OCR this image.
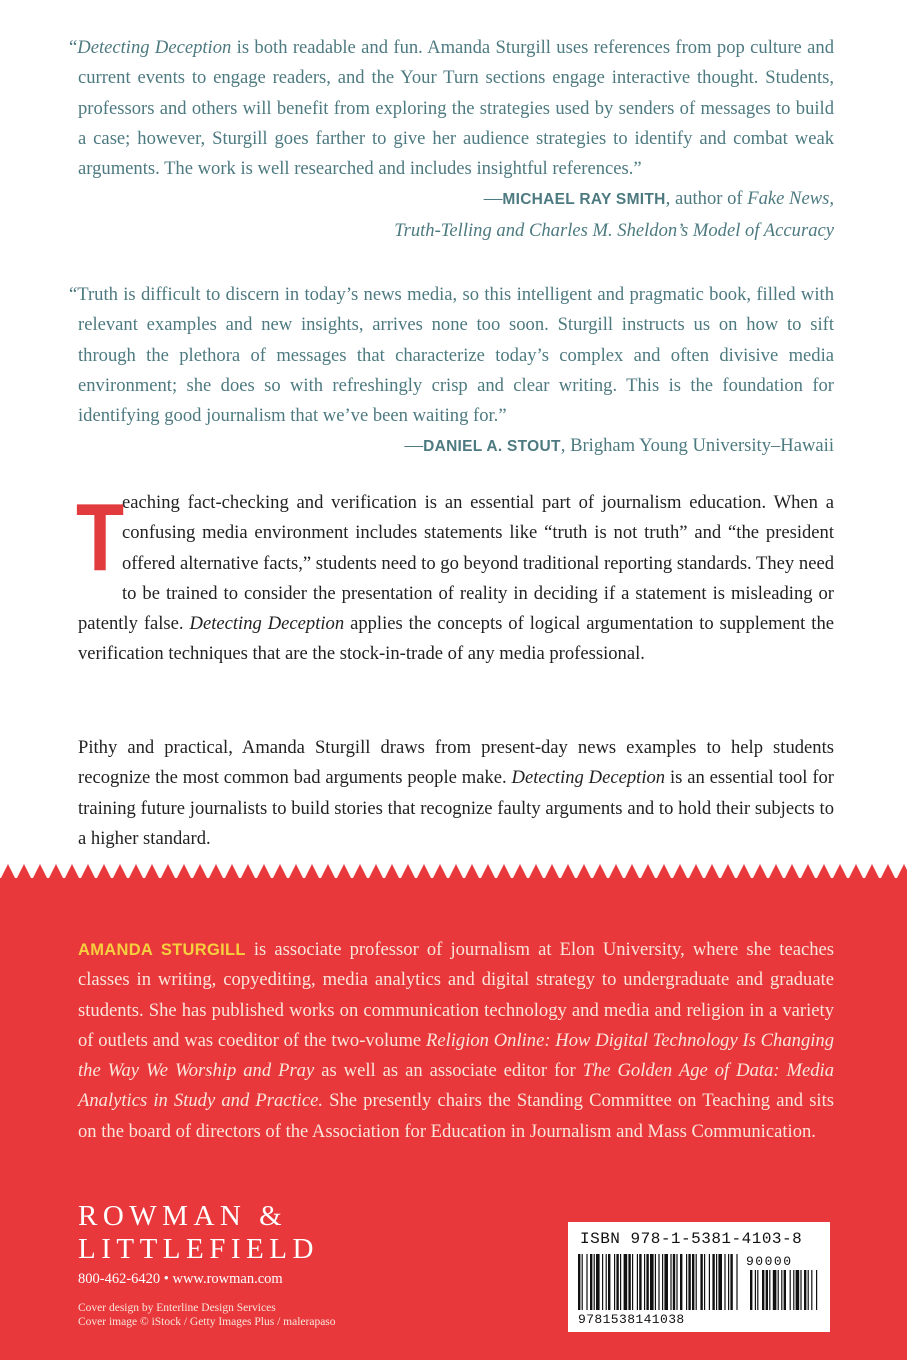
“Detecting Deception is both readable and fun. Amanda Sturgill uses references from pop culture and current events to engage readers, and the Your Turn sections engage interactive thought. Students, professors and others will benefit from exploring the strategies used by senders of messages to build a case; however, Sturgill goes farther to give her audience strategies to identify and combat weak arguments. The work is well researched and includes insightful references.”
—MICHAEL RAY SMITH, author of Fake News,
Truth-Telling and Charles M. Sheldon’s Model of Accuracy
“Truth is difficult to discern in today’s news media, so this intelligent and pragmatic book, filled with relevant examples and new insights, arrives none too soon. Sturgill instructs us on how to sift through the plethora of messages that characterize today’s complex and often divisive media environment; she does so with refreshingly crisp and clear writing. This is the foundation for identifying good journalism that we’ve been waiting for.”
—DANIEL A. STOUT, Brigham Young University–Hawaii
T
eaching fact-checking and verification is an essential part of journalism education. When a confusing media environment includes statements like “truth is not truth” and “the president offered alternative facts,” students need to go beyond traditional reporting standards. They need to be trained to consider the presentation of reality in deciding if a statement is misleading or patently false. Detecting Deception applies the concepts of logical argumentation to supplement the verification techniques that are the stock-in-trade of any media professional.
Pithy and practical, Amanda Sturgill draws from present-day news examples to help students recognize the most common bad arguments people make. Detecting Deception is an essential tool for training future journalists to build stories that recognize faulty arguments and to hold their subjects to a higher standard.
AMANDA STURGILL is associate professor of journalism at Elon University, where she teaches classes in writing, copyediting, media analytics and digital strategy to undergraduate and graduate students. She has published works on communication technology and media and religion in a variety of outlets and was coeditor of the two-volume Religion Online: How Digital Technology Is Changing the Way We Worship and Pray as well as an associate editor for The Golden Age of Data: Media Analytics in Study and Practice. She presently chairs the Standing Committee on Teaching and sits on the board of directors of the Association for Education in Journalism and Mass Communication.
ROWMAN &
LITTLEFIELD
800-462-6420 • www.rowman.com
Cover design by Enterline Design Services
Cover image © iStock / Getty Images Plus / malerapaso
ISBN 978-1-5381-4103-8
90000
9781538141038
